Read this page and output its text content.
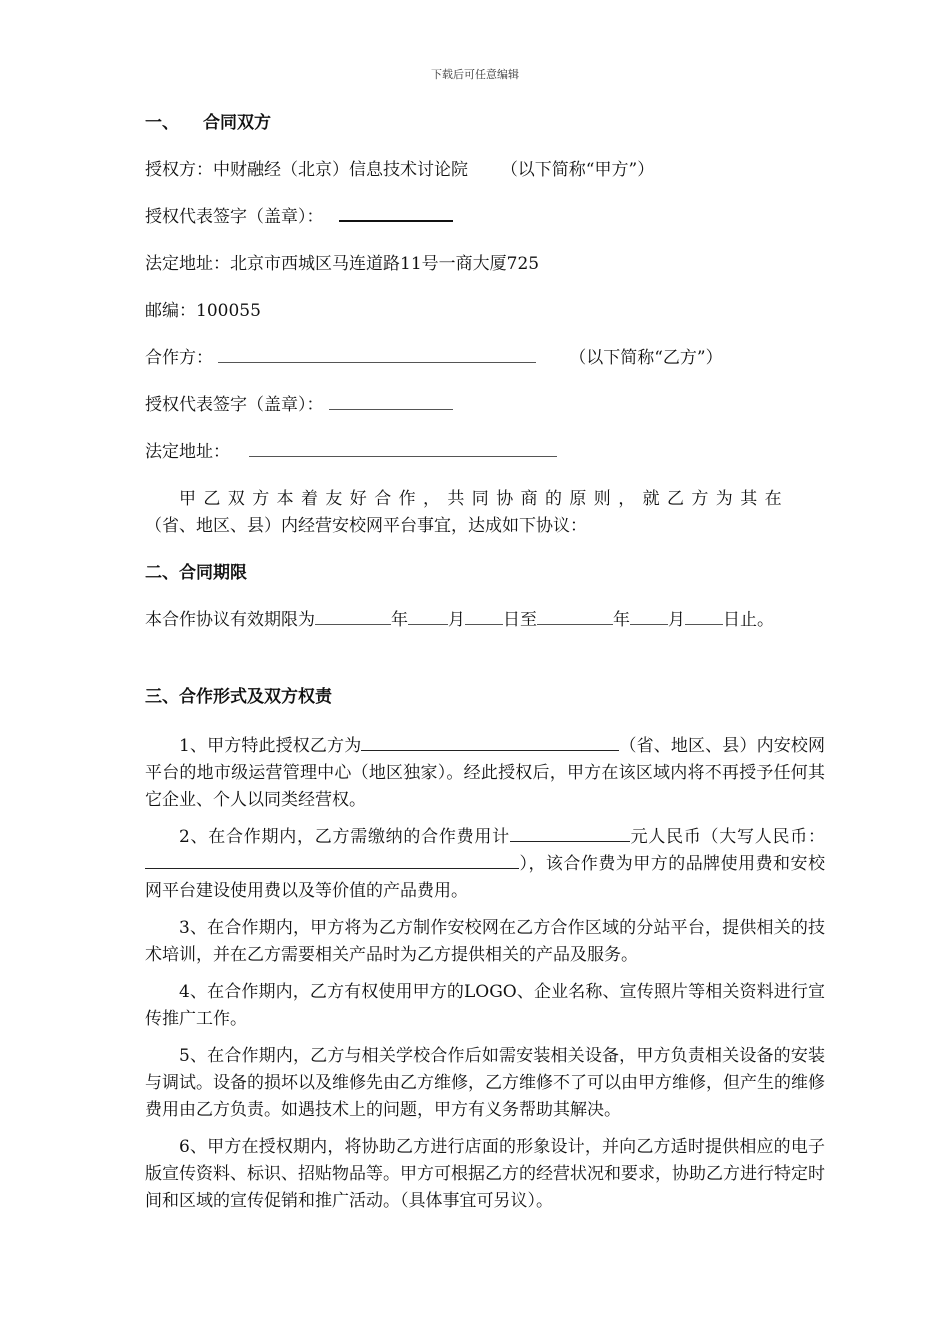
下载后可任意编辑
一、 合同双方
授权方：中财融经（北京）信息技术讨论院 （以下简称“甲方”）
授权代表签字（盖章）：
法定地址：北京市西城区马连道路11号一商大厦725
邮编：100055
合作方：	（以下简称“乙方”）
授权代表签字（盖章）：
法定地址：
甲乙双方本着友好合作，共同协商的原则，就乙方为其在
（省、地区、县）内经营安校网平台事宜，达成如下协议：
二、合同期限
本合作协议有效期限为	年 月 日至	年 月 日止。
三、合作形式及双方权责
1、甲方特此授权乙方为	（省、地区、县）内安校网平台的地市级运营管理中心（地区独家）。经此授权后，甲方在该区域内将不再授予任何其它企业、个人以同类经营权。
2、在合作期内，乙方需缴纳的合作费用计	元人民币（大写人民币：），该合作费为甲方的品牌使用费和安校网平台建设使用费以及等价值的产品费用。
3、在合作期内，甲方将为乙方制作安校网在乙方合作区域的分站平台，提供相关的技术培训，并在乙方需要相关产品时为乙方提供相关的产品及服务。
4、在合作期内，乙方有权使用甲方的LOGO、企业名称、宣传照片等相关资料进行宣传推广工作。
5、在合作期内，乙方与相关学校合作后如需安装相关设备，甲方负责相关设备的安装与调试。设备的损坏以及维修先由乙方维修，乙方维修不了可以由甲方维修，但产生的维修费用由乙方负责。如遇技术上的问题，甲方有义务帮助其解决。
6、甲方在授权期内，将协助乙方进行店面的形象设计，并向乙方适时提供相应的电子版宣传资料、标识、招贴物品等。甲方可根据乙方的经营状况和要求，协助乙方进行特定时间和区域的宣传促销和推广活动。（具体事宜可另议）。
